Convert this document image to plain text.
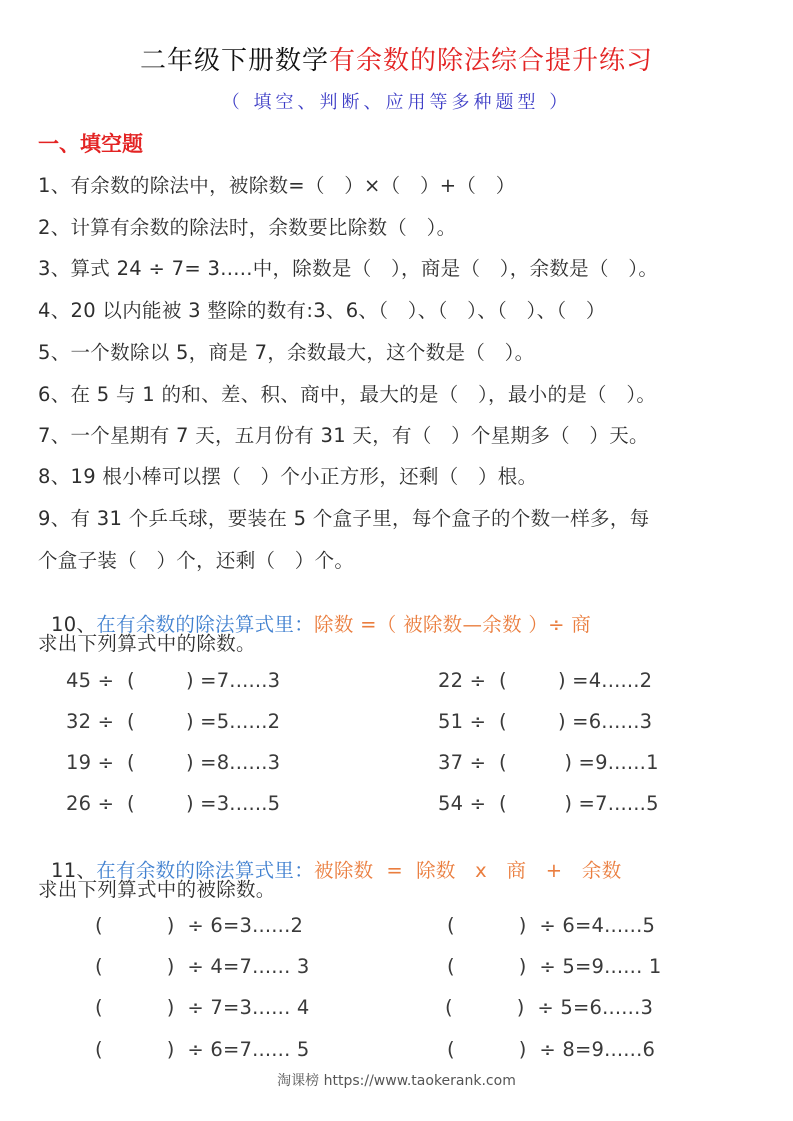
二年级下册数学有余数的除法综合提升练习
（ 填空、判断、应用等多种题型 ）
一、填空题
1、有余数的除法中，被除数=（   ）×（   ）+（   ）
2、计算有余数的除法时，余数要比除数（   ）。
3、算式 24 ÷ 7= 3.....中，除数是（   ），商是（   ），余数是（   ）。
4、20 以内能被 3 整除的数有:3、6、（   ）、（   ）、（   ）、（   ）
5、一个数除以 5，商是 7，余数最大，这个数是（   ）。
6、在 5 与 1 的和、差、积、商中，最大的是（   ），最小的是（   ）。
7、一个星期有 7 天，五月份有 31 天，有（   ）个星期多（   ）天。
8、19 根小棒可以摆（   ）个小正方形，还剩（   ）根。
9、有 31 个乒乓球，要装在 5 个盒子里，每个盒子的个数一样多，每
个盒子装（   ）个，还剩（   ）个。

10、在有余数的除法算式里：除数 =（ 被除数—余数 ）÷ 商

求出下列算式中的除数。
45 ÷  (        ) =7......3
32 ÷  (        ) =5......2
19 ÷  (        ) =8......3
26 ÷  (        ) =3......5
22 ÷  (        ) =4......2
51 ÷  (        ) =6......3
37 ÷  (         ) =9......1
54 ÷  (         ) =7......5

11、在有余数的除法算式里：被除数  =  除数   x   商   +   余数

求出下列算式中的被除数。
(          )  ÷ 6=3......2
(          )  ÷ 4=7...... 3
(          )  ÷ 7=3...... 4
(          )  ÷ 6=7...... 5
(          )  ÷ 6=4......5
(          )  ÷ 5=9...... 1
(          )  ÷ 5=6......3
(          )  ÷ 8=9......6
淘课榜 https://www.taokerank.com
